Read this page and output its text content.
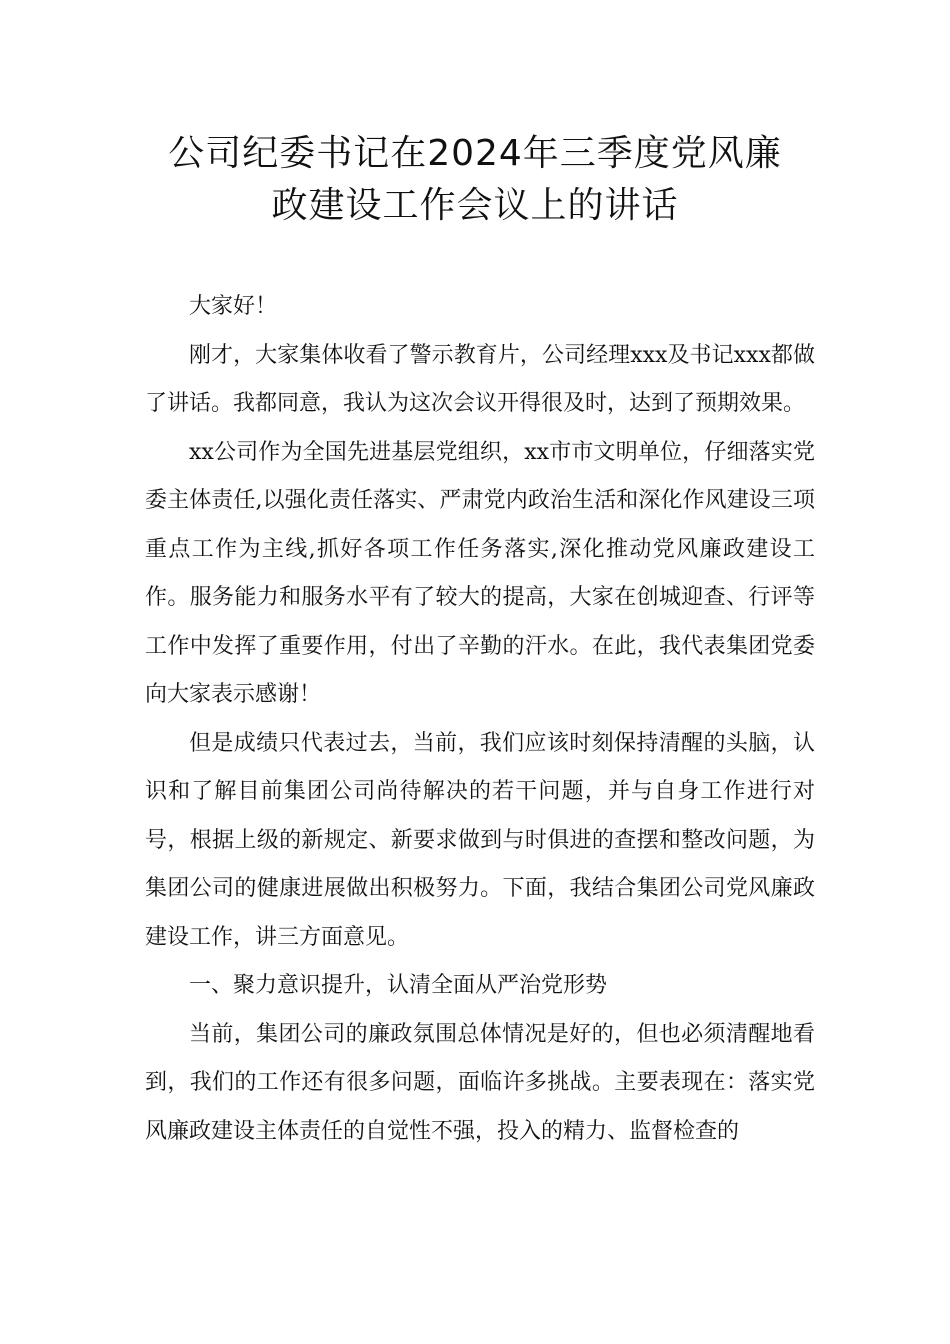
公司纪委书记在2024年三季度党风廉
政建设工作会议上的讲话

大家好！

刚才，大家集体收看了警示教育片，公司经理xxx及书记xxx都做了讲话。我都同意，我认为这次会议开得很及时，达到了预期效果。

xx公司作为全国先进基层党组织，xx市市文明单位，仔细落实党委主体责任,以强化责任落实、严肃党内政治生活和深化作风建设三项重点工作为主线,抓好各项工作任务落实,深化推动党风廉政建设工作。服务能力和服务水平有了较大的提高，大家在创城迎查、行评等工作中发挥了重要作用，付出了辛勤的汗水。在此，我代表集团党委向大家表示感谢！

但是成绩只代表过去，当前，我们应该时刻保持清醒的头脑，认识和了解目前集团公司尚待解决的若干问题，并与自身工作进行对号，根据上级的新规定、新要求做到与时俱进的查摆和整改问题，为集团公司的健康进展做出积极努力。下面，我结合集团公司党风廉政建设工作，讲三方面意见。

一、聚力意识提升，认清全面从严治党形势

当前，集团公司的廉政氛围总体情况是好的，但也必须清醒地看到，我们的工作还有很多问题，面临许多挑战。主要表现在：落实党风廉政建设主体责任的自觉性不强，投入的精力、监督检查的
